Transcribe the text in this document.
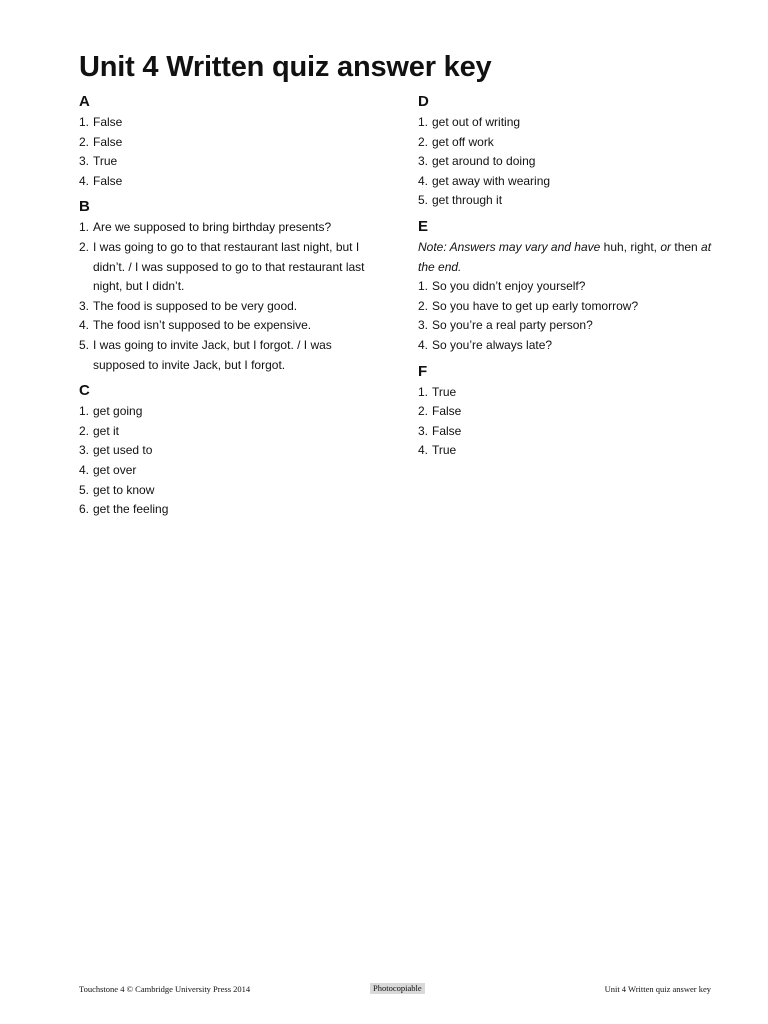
Unit 4 Written quiz answer key
A
1. False
2. False
3. True
4. False
B
1. Are we supposed to bring birthday presents?
2. I was going to go to that restaurant last night, but I didn’t. / I was supposed to go to that restaurant last night, but I didn’t.
3. The food is supposed to be very good.
4. The food isn’t supposed to be expensive.
5. I was going to invite Jack, but I forgot. / I was supposed to invite Jack, but I forgot.
C
1. get going
2. get it
3. get used to
4. get over
5. get to know
6. get the feeling
D
1. get out of writing
2. get off work
3. get around to doing
4. get away with wearing
5. get through it
E

Note: Answers may vary and have huh, right, or then at the end.

1. So you didn’t enjoy yourself?
2. So you have to get up early tomorrow?
3. So you’re a real party person?
4. So you’re always late?
F
1. True
2. False
3. False
4. True
Touchstone 4 © Cambridge University Press 2014	Photocopiable	Unit 4 Written quiz answer key
